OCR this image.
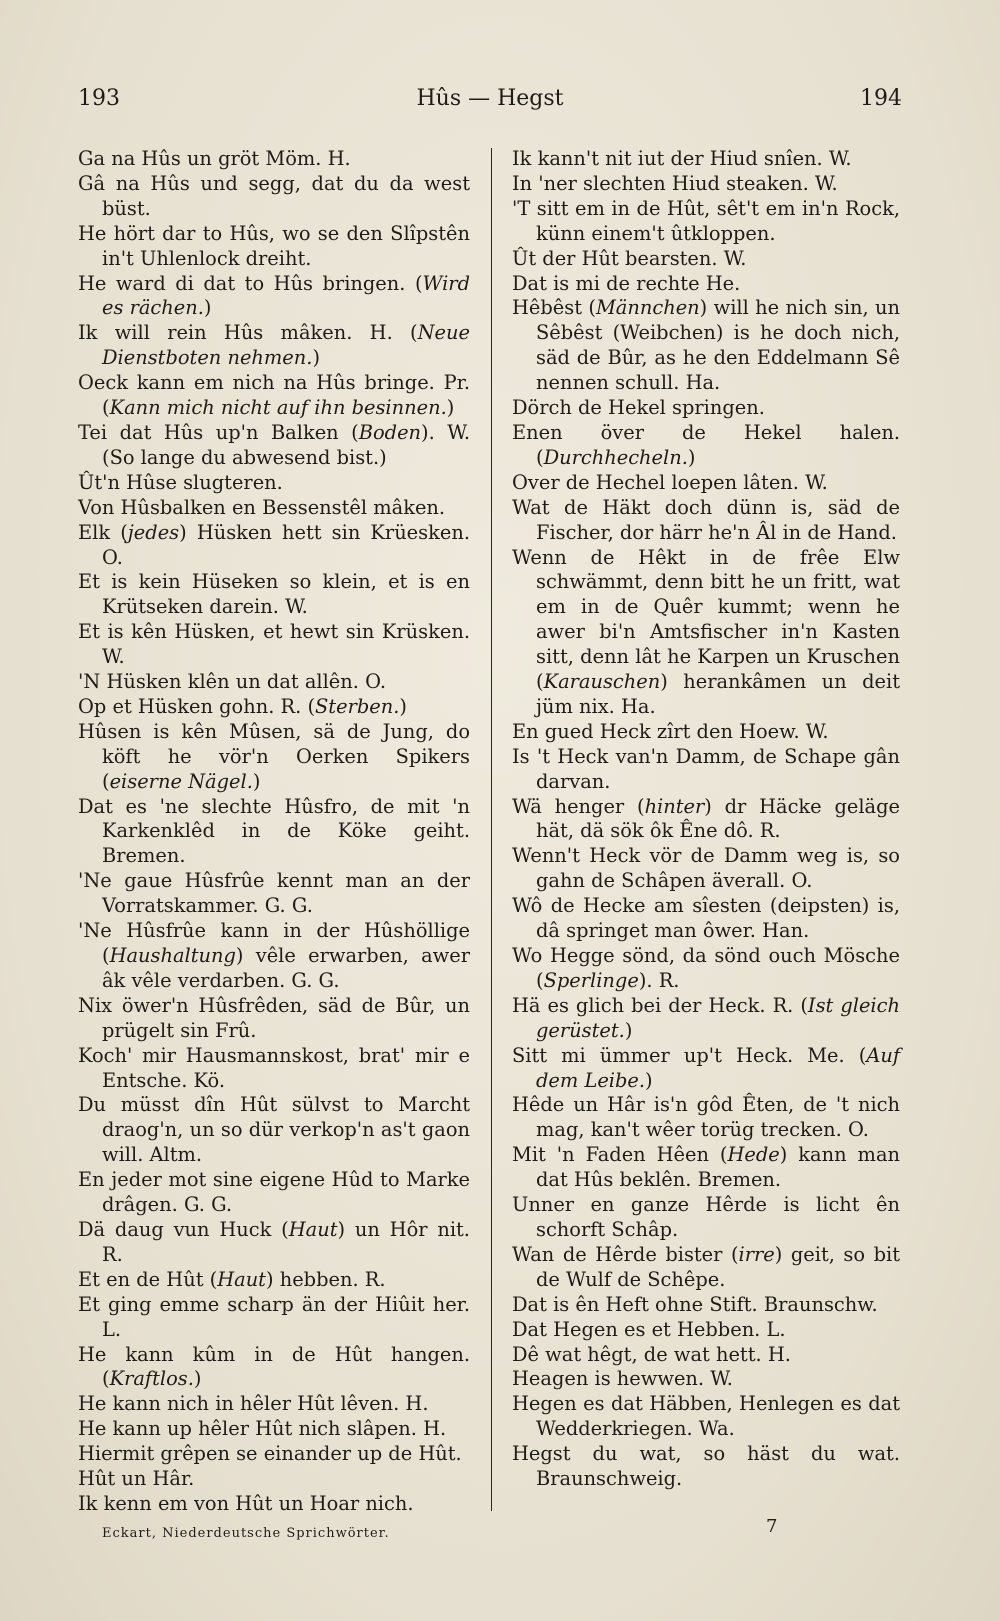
193	Hûs — Hegst	194
Ga na Hûs un gröt Möm. H.
Gâ na Hûs und segg, dat du da west büst.
He hört dar to Hûs, wo se den Slîpstên in't Uhlenlock dreiht.
He ward di dat to Hûs bringen. (Wird es rächen.)
Ik will rein Hûs mâken. H. (Neue Dienstboten nehmen.)
Oeck kann em nich na Hûs bringe. Pr. (Kann mich nicht auf ihn besinnen.)
Tei dat Hûs up'n Balken (Boden). W. (So lange du abwesend bist.)
Ût'n Hûse slugteren.
Von Hûsbalken en Bessenstêl mâken.
Elk (jedes) Hüsken hett sin Krüesken. O.
Et is kein Hüseken so klein, et is en Krütseken darein. W.
Et is kên Hüsken, et hewt sin Krüsken. W.
'N Hüsken klên un dat allên. O.
Op et Hüsken gohn. R. (Sterben.)
Hûsen is kên Mûsen, sä de Jung, do köft he vör'n Oerken Spikers (eiserne Nägel.)
Dat es 'ne slechte Hûsfro, de mit 'n Karkenklêd in de Köke geiht. Bremen.
'Ne gaue Hûsfrûe kennt man an der Vorratskammer. G. G.
'Ne Hûsfrûe kann in der Hûshöllige (Haushaltung) vêle erwarben, awer âk vêle verdarben. G. G.
Nix öwer'n Hûsfrêden, säd de Bûr, un prügelt sin Frû.
Koch' mir Hausmannskost, brat' mir e Entsche. Kö.
Du müsst dîn Hût sülvst to Marcht draog'n, un so dür verkop'n as't gaon will. Altm.
En jeder mot sine eigene Hûd to Marke drâgen. G. G.
Dä daug vun Huck (Haut) un Hôr nit. R.
Et en de Hût (Haut) hebben. R.
Et ging emme scharp än der Hiûit her. L.
He kann kûm in de Hût hangen. (Kraftlos.)
He kann nich in hêler Hût lêven. H.
He kann up hêler Hût nich slâpen. H.
Hiermit grêpen se einander up de Hût.
Hût un Hâr.
Ik kenn em von Hût un Hoar nich.
Ik kann't nit iut der Hiud snîen. W.
In 'ner slechten Hiud steaken. W.
'T sitt em in de Hût, sêt't em in'n Rock, künn einem't ûtkloppen.
Ût der Hût bearsten. W.
Dat is mi de rechte He.
Hêbêst (Männchen) will he nich sin, un Sêbêst (Weibchen) is he doch nich, säd de Bûr, as he den Eddelmann Sê nennen schull. Ha.
Dörch de Hekel springen.
Enen över de Hekel halen. (Durchhecheln.)
Over de Hechel loepen lâten. W.
Wat de Häkt doch dünn is, säd de Fischer, dor härr he'n Âl in de Hand.
Wenn de Hêkt in de frêe Elw schwämmt, denn bitt he un fritt, wat em in de Quêr kummt; wenn he awer bi'n Amtsfischer in'n Kasten sitt, denn lât he Karpen un Kruschen (Karauschen) herankâmen un deit jüm nix. Ha.
En gued Heck zîrt den Hoew. W.
Is 't Heck van'n Damm, de Schape gân darvan.
Wä henger (hinter) dr Häcke geläge hät, dä sök ôk Êne dô. R.
Wenn't Heck vör de Damm weg is, so gahn de Schâpen äverall. O.
Wô de Hecke am sîesten (deipsten) is, dâ springet man ôwer. Han.
Wo Hegge sönd, da sönd ouch Mösche (Sperlinge). R.
Hä es glich bei der Heck. R. (Ist gleich gerüstet.)
Sitt mi ümmer up't Heck. Me. (Auf dem Leibe.)
Hêde un Hâr is'n gôd Êten, de 't nich mag, kan't wêer torüg trecken. O.
Mit 'n Faden Hêen (Hede) kann man dat Hûs beklên. Bremen.
Unner en ganze Hêrde is licht ên schorft Schâp.
Wan de Hêrde bister (irre) geit, so bit de Wulf de Schêpe.
Dat is ên Heft ohne Stift. Braunschw.
Dat Hegen es et Hebben. L.
Dê wat hêgt, de wat hett. H.
Heagen is hewwen. W.
Hegen es dat Häbben, Henlegen es dat Wedderkriegen. Wa.
Hegst du wat, so häst du wat. Braunschweig.
Eckart, Niederdeutsche Sprichwörter.	7
